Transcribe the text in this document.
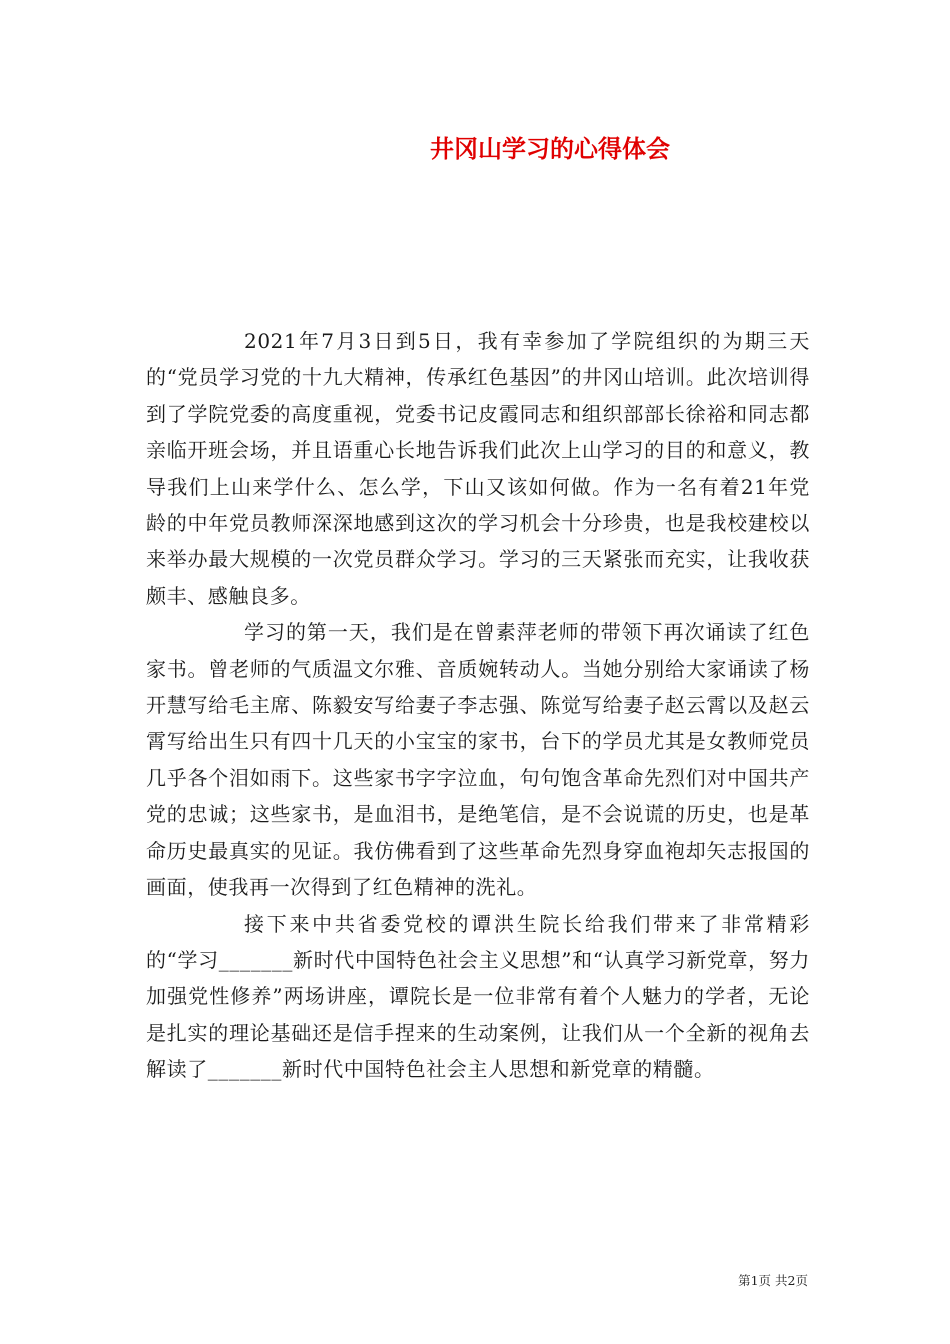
井冈山学习的心得体会

2021年7月3日到5日，我有幸参加了学院组织的为期三天的“党员学习党的十九大精神，传承红色基因”的井冈山培训。此次培训得到了学院党委的高度重视，党委书记皮霞同志和组织部部长徐裕和同志都亲临开班会场，并且语重心长地告诉我们此次上山学习的目的和意义，教导我们上山来学什么、怎么学，下山又该如何做。作为一名有着21年党龄的中年党员教师深深地感到这次的学习机会十分珍贵，也是我校建校以来举办最大规模的一次党员群众学习。学习的三天紧张而充实，让我收获颇丰、感触良多。

学习的第一天，我们是在曾素萍老师的带领下再次诵读了红色家书。曾老师的气质温文尔雅、音质婉转动人。当她分别给大家诵读了杨开慧写给毛主席、陈毅安写给妻子李志强、陈觉写给妻子赵云霄以及赵云霄写给出生只有四十几天的小宝宝的家书，台下的学员尤其是女教师党员几乎各个泪如雨下。这些家书字字泣血，句句饱含革命先烈们对中国共产党的忠诚；这些家书，是血泪书，是绝笔信，是不会说谎的历史，也是革命历史最真实的见证。我仿佛看到了这些革命先烈身穿血袍却矢志报国的画面，使我再一次得到了红色精神的洗礼。

接下来中共省委党校的谭洪生院长给我们带来了非常精彩的“学习_______新时代中国特色社会主义思想”和“认真学习新党章，努力加强党性修养”两场讲座，谭院长是一位非常有着个人魅力的学者，无论是扎实的理论基础还是信手捏来的生动案例，让我们从一个全新的视角去解读了_______新时代中国特色社会主人思想和新党章的精髓。

第1页 共2页
